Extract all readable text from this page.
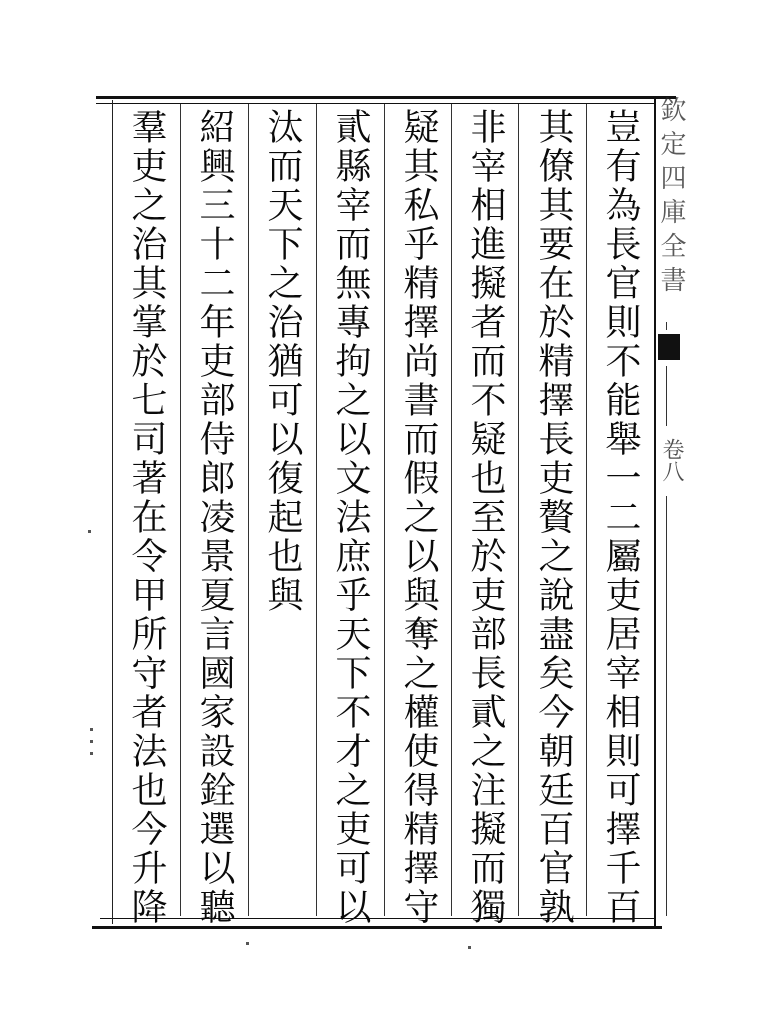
豈有為長官則不能舉一二屬吏居宰相則可擇千百
其僚其要在於精擇長吏贅之說盡矣今朝廷百官孰
非宰相進擬者而不疑也至於吏部長貳之注擬而獨
疑其私乎精擇尚書而假之以與奪之權使得精擇守
貳縣宰而無專拘之以文法庶乎天下不才之吏可以
汰而天下之治猶可以復起也與
紹興三十二年吏部侍郎凌景夏言國家設銓選以聽
羣吏之治其掌於七司著在令甲所守者法也今升降	欽定四庫全書
卷八
